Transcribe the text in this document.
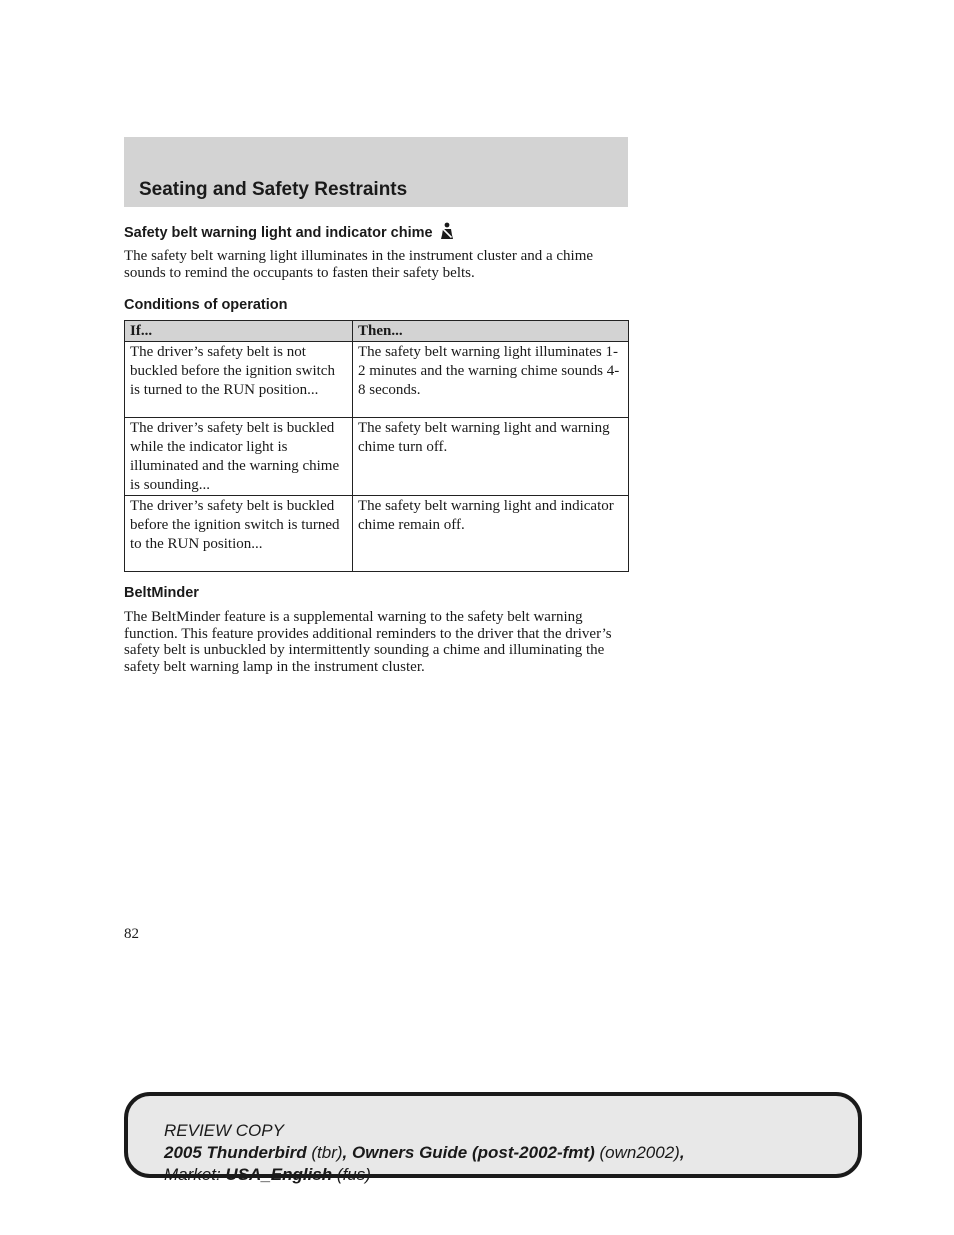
Seating and Safety Restraints
Safety belt warning light and indicator chime

The safety belt warning light illuminates in the instrument cluster and a chime sounds to remind the occupants to fasten their safety belts.

Conditions of operation
If...	Then...
The driver’s safety belt is not buckled before the ignition switch is turned to the RUN position...	The safety belt warning light illuminates 1-2 minutes and the warning chime sounds 4-8 seconds.
The driver’s safety belt is buckled while the indicator light is illuminated and the warning chime is sounding...	The safety belt warning light and warning chime turn off.
The driver’s safety belt is buckled before the ignition switch is turned to the RUN position...	The safety belt warning light and indicator chime remain off.
BeltMinder

The BeltMinder feature is a supplemental warning to the safety belt warning function. This feature provides additional reminders to the driver that the driver’s safety belt is unbuckled by intermittently sounding a chime and illuminating the safety belt warning lamp in the instrument cluster.

82

REVIEW COPY
2005 Thunderbird (tbr), Owners Guide (post-2002-fmt) (own2002),
Market: USA_English (fus)
